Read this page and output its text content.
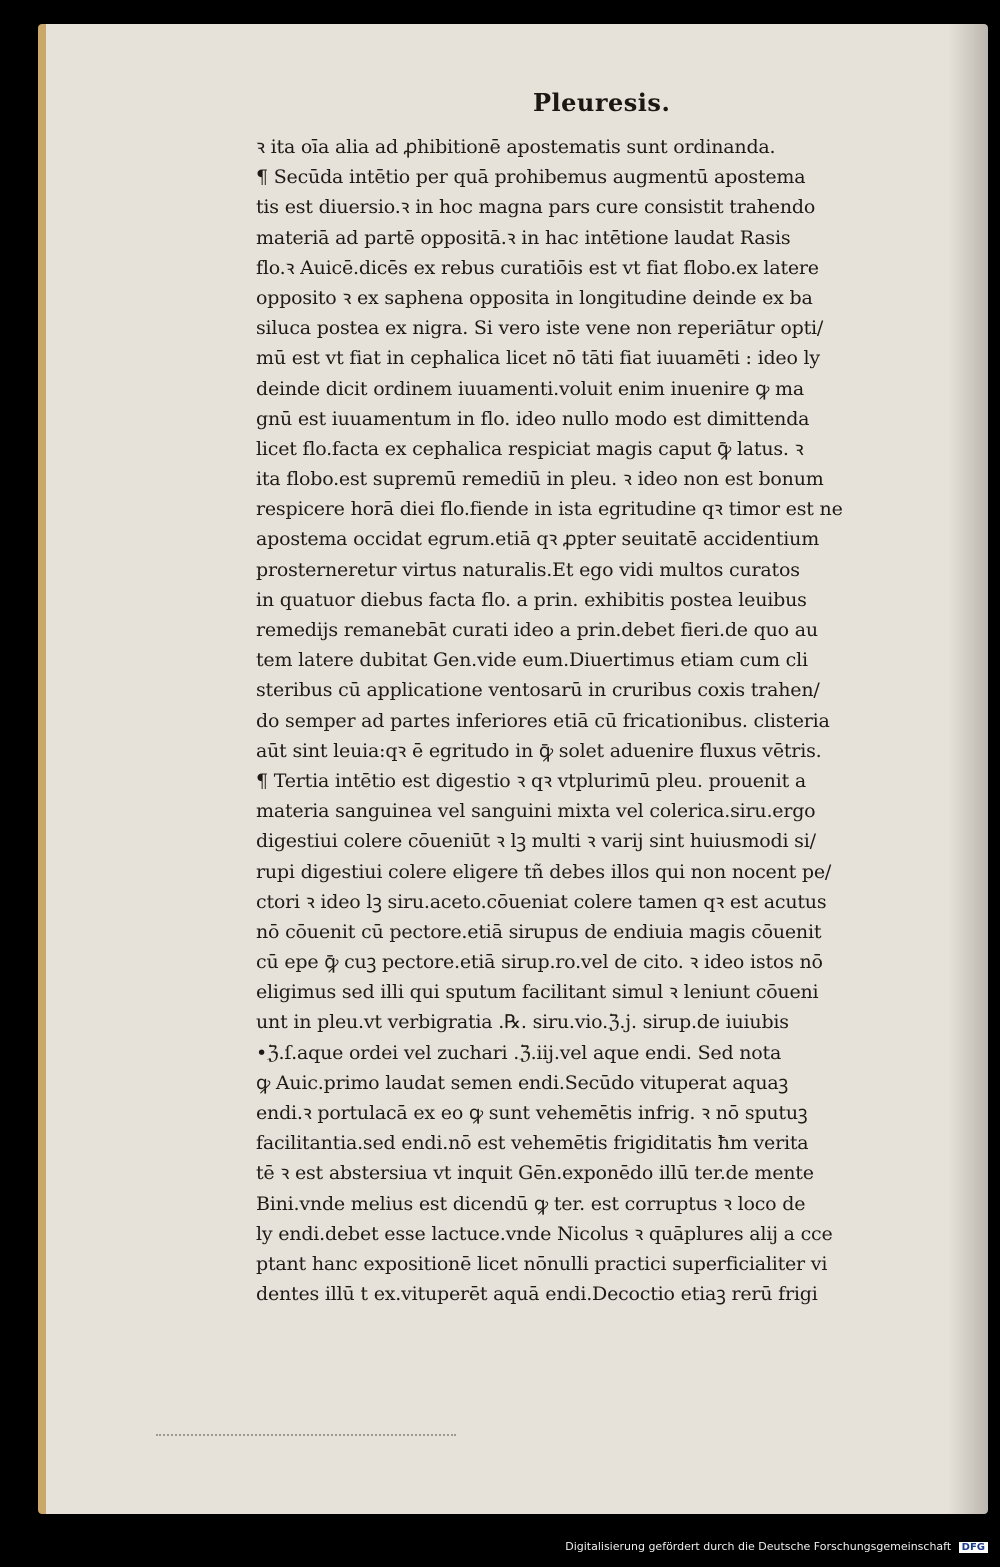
Pleuresis.
ꝛ ita oīa alia ad ꝓhibitionē apostematis sunt ordinanda.
¶ Secūda intētio per quā prohibemus augmentū apostema
tis est diuersio.ꝛ in hoc magna pars cure consistit trahendo
materiā ad partē oppositā.ꝛ in hac intētione laudat Rasis
flo.ꝛ Auicē.dicēs ex rebus curatiōis est vt fiat flobo.ex latere
opposito ꝛ ex saphena opposita in longitudine deinde ex ba
siluca postea ex nigra. Si vero iste vene non reperiātur opti/
mū est vt fiat in cephalica licet nō tāti fiat iuuamēti : ideo ly
deinde dicit ordinem iuuamenti.voluit enim inuenire ꝙ ma
gnū est iuuamentum in flo. ideo nullo modo est dimittenda
licet flo.facta ex cephalica respiciat magis caput ꝙ̄ latus. ꝛ
ita flobo.est supremū remediū in pleu. ꝛ ideo non est bonum
respicere horā diei flo.fiende in ista egritudine qꝛ timor est ne
apostema occidat egrum.etiā qꝛ ꝓpter seuitatē accidentium
prosterneretur virtus naturalis.Et ego vidi multos curatos
in quatuor diebus facta flo. a prin. exhibitis postea leuibus
remedijs remanebāt curati ideo a prin.debet fieri.de quo au
tem latere dubitat Gen.vide eum.Diuertimus etiam cum cli
steribus cū applicatione ventosarū in cruribus coxis trahen/
do semper ad partes inferiores etiā cū fricationibus. clisteria
aūt sint leuia:qꝛ ē egritudo in ꝙ̄ solet aduenire fluxus vētris.
¶ Tertia intētio est digestio ꝛ qꝛ vtplurimū pleu. prouenit a
materia sanguinea vel sanguini mixta vel colerica.siru.ergo
digestiui colere cōueniūt ꝛ lꝫ multi ꝛ varij sint huiusmodi si/
rupi digestiui colere eligere tñ debes illos qui non nocent pe/
ctori ꝛ ideo lꝫ siru.aceto.cōueniat colere tamen qꝛ est acutus
nō cōuenit cū pectore.etiā sirupus de endiuia magis cōuenit
cū epe ꝙ̄ cuꝫ pectore.etiā sirup.ro.vel de cito. ꝛ ideo istos nō
eligimus sed illi qui sputum facilitant simul ꝛ leniunt cōueni
unt in pleu.vt verbigratia .℞. siru.vio.ℨ.j. sirup.de iuiubis
•ℨ.ſ.aque ordei vel zuchari .ℨ.iij.vel aque endi. Sed nota
ꝙ Auic.primo laudat semen endi.Secūdo vituperat aquaꝫ
endi.ꝛ portulacā ex eo ꝙ sunt vehemētis infrig. ꝛ nō sputuꝫ
facilitantia.sed endi.nō est vehemētis frigiditatis ħm verita
tē ꝛ est abstersiua vt inquit Gēn.exponēdo illū ter.de mente
Bini.vnde melius est dicendū ꝙ ter. est corruptus ꝛ loco de
ly endi.debet esse lactuce.vnde Nicolus ꝛ quāplures alij a cce
ptant hanc expositionē licet nōnulli practici superficialiter vi
dentes illū t ex.vituperēt aquā endi.Decoctio etiaꝫ rerū frigi
Digitalisierung gefördert durch die Deutsche Forschungsgemeinschaft DFG
